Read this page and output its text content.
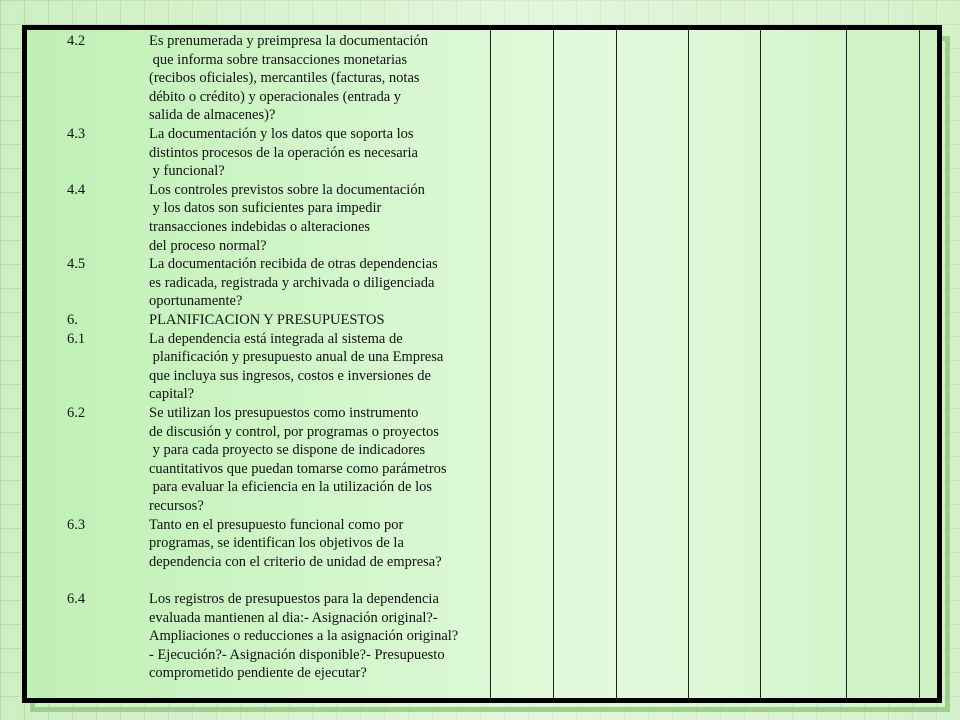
4.2	Es prenumerada y preimpresa la documentación
que informa sobre transacciones monetarias
(recibos oficiales), mercantiles (facturas, notas
débito o crédito) y operacionales (entrada y
salida de almacenes)?
4.3	La documentación y los datos que soporta los
distintos procesos de la operación es necesaria
y funcional?
4.4	Los controles previstos sobre la documentación
y los datos son suficientes para impedir
transacciones indebidas o alteraciones
del proceso normal?
4.5	La documentación recibida de otras dependencias
es radicada, registrada y archivada o diligenciada
oportunamente?
6.	PLANIFICACION Y PRESUPUESTOS
6.1	La dependencia está integrada al sistema de
planificación y presupuesto anual de una Empresa
que incluya sus ingresos, costos e inversiones de
capital?
6.2	Se utilizan los presupuestos como instrumento
de discusión y control, por programas o proyectos
y para cada proyecto se dispone de indicadores
cuantitativos que puedan tomarse como parámetros
para evaluar la eficiencia en la utilización de los
recursos?
6.3	Tanto en el presupuesto funcional como por
programas, se identifican los objetivos de la
dependencia con el criterio de unidad de empresa?
6.4	Los registros de presupuestos para la dependencia
evaluada mantienen al dia:- Asignación original?-
Ampliaciones o reducciones a la asignación original?
- Ejecución?- Asignación disponible?- Presupuesto
comprometido pendiente de ejecutar?
